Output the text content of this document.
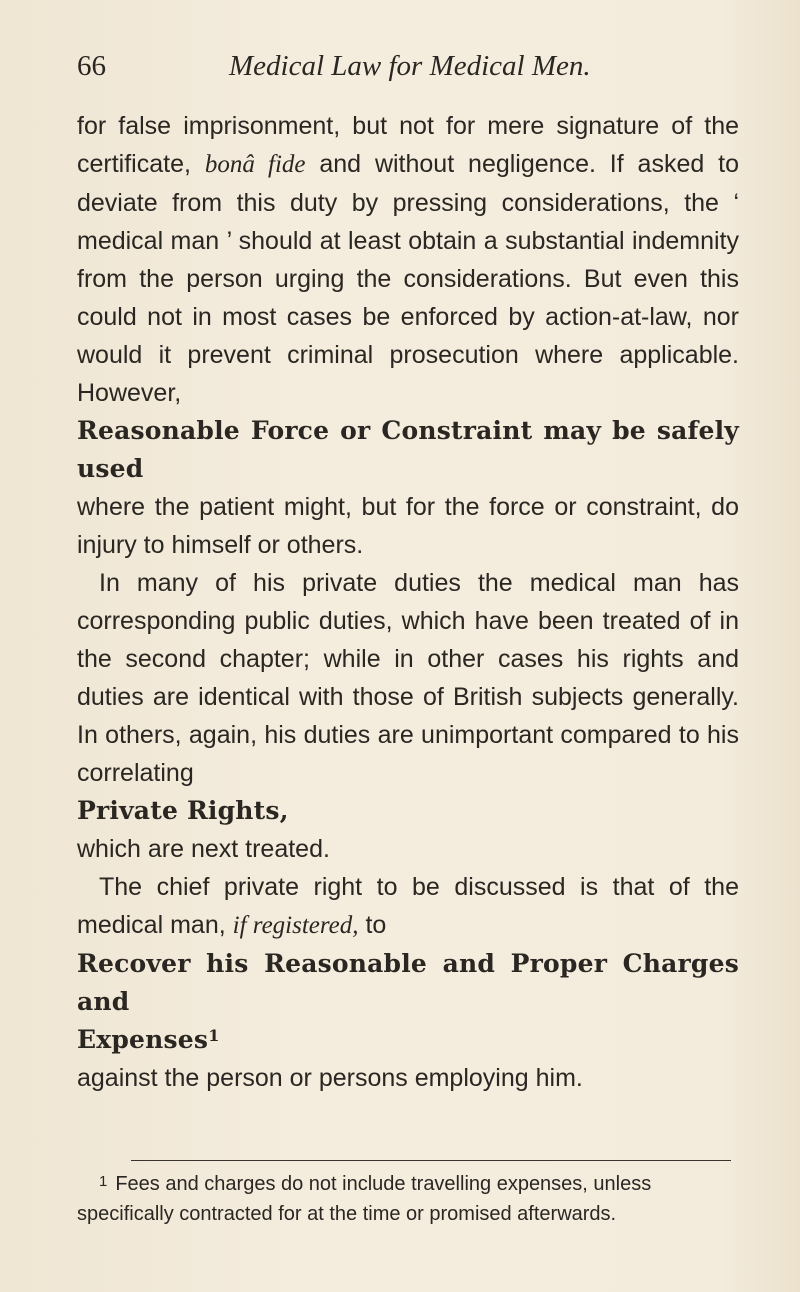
66	Medical Law for Medical Men.

for false imprisonment, but not for mere signature of the certificate, bonâ fide and without negligence. If asked to deviate from this duty by pressing considerations, the ‘ medical man ’ should at least obtain a substantial indemnity from the person urging the considerations. But even this could not in most cases be enforced by action-at-law, nor would it prevent criminal prosecution where applicable. However,

Reasonable Force or Constraint may be safely used

where the patient might, but for the force or constraint, do injury to himself or others.

In many of his private duties the medical man has corresponding public duties, which have been treated of in the second chapter; while in other cases his rights and duties are identical with those of British subjects generally. In others, again, his duties are unimportant compared to his correlating

Private Rights,

which are next treated.

The chief private right to be discussed is that of the medical man, if registered, to

Recover his Reasonable and Proper Charges and
Expenses$^1$

against the person or persons employing him.

$^1$ Fees and charges do not include travelling expenses, unless specifically contracted for at the time or promised afterwards.
